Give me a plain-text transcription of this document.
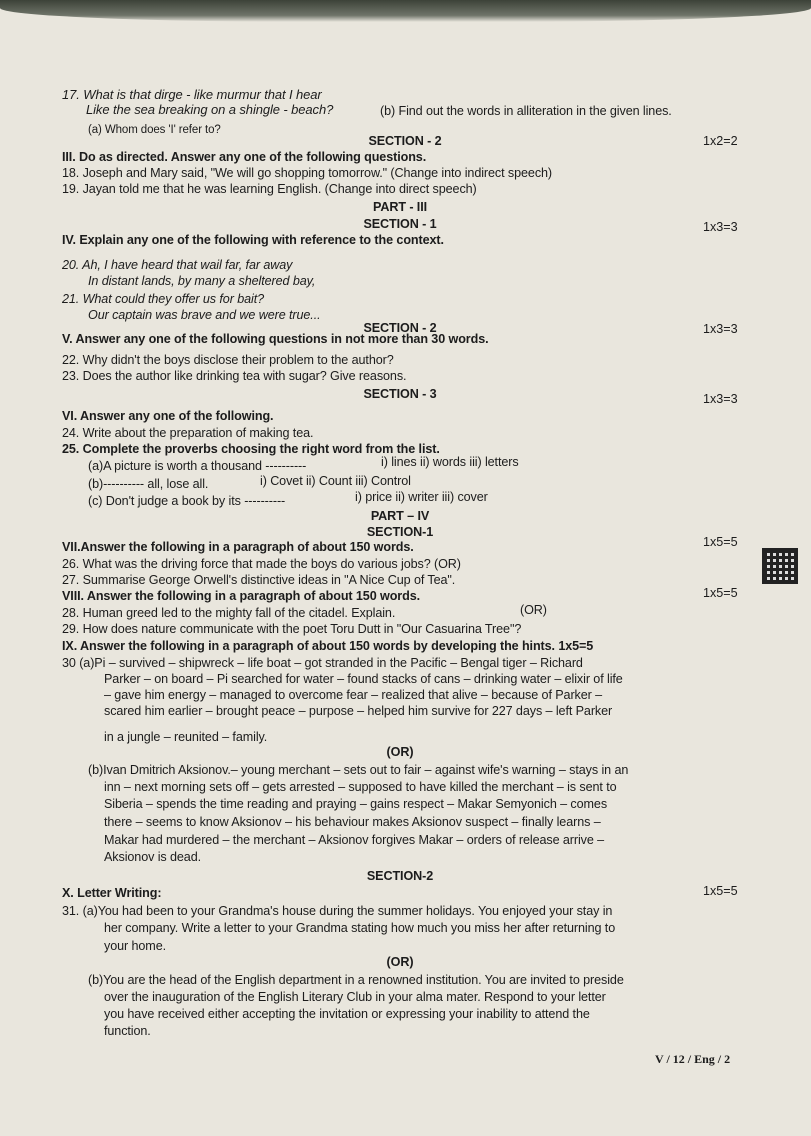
17. What is that dirge - like murmur that I hear
Like the sea breaking on a shingle - beach?
(a) Whom does 'I' refer to?
(b) Find out the words in alliteration in the given lines.
SECTION - 2	1x2=2
III. Do as directed. Answer any one of the following questions.
18. Joseph and Mary said, "We will go shopping tomorrow." (Change into indirect speech)
19. Jayan told me that he was learning English. (Change into direct speech)
PART - III
SECTION - 1	1x3=3
IV. Explain any one of the following with reference to the context.
20. Ah, I have heard that wail far, far away
In distant lands, by many a sheltered bay,
21. What could they offer us for bait?
Our captain was brave and we were true...
SECTION - 2	1x3=3
V. Answer any one of the following questions in not more than 30 words.
22. Why didn't the boys disclose their problem to the author?
23. Does the author like drinking tea with sugar? Give reasons.
SECTION - 3	1x3=3
VI. Answer any one of the following.
24. Write about the preparation of making tea.
25. Complete the proverbs choosing the right word from the list.
(a)A picture is worth a thousand ----------	i) lines ii) words iii) letters
(b)---------- all, lose all.	i) Covet ii) Count iii) Control
(c) Don't judge a book by its ----------	i) price ii) writer iii) cover
PART – IV
SECTION-1
VII.Answer the following in a paragraph of about 150 words.	1x5=5
26. What was the driving force that made the boys do various jobs? (OR)
27. Summarise George Orwell's distinctive ideas in "A Nice Cup of Tea".
VIII. Answer the following in a paragraph of about 150 words.	1x5=5
28. Human greed led to the mighty fall of the citadel. Explain.	(OR)
29. How does nature communicate with the poet Toru Dutt in "Our Casuarina Tree"?
IX. Answer the following in a paragraph of about 150 words by developing the hints. 1x5=5
30 (a)Pi – survived – shipwreck – life boat – got stranded in the Pacific – Bengal tiger – Richard
Parker – on board – Pi searched for water – found stacks of cans – drinking water – elixir of life
– gave him energy – managed to overcome fear – realized that alive – because of Parker –
scared him earlier – brought peace – purpose – helped him survive for 227 days – left Parker
in a jungle – reunited – family.
(OR)
(b)Ivan Dmitrich Aksionov.– young merchant – sets out to fair – against wife's warning – stays in an
inn – next morning sets off – gets arrested – supposed to have killed the merchant – is sent to
Siberia – spends the time reading and praying – gains respect – Makar Semyonich – comes
there – seems to know Aksionov – his behaviour makes Aksionov suspect – finally learns –
Makar had murdered – the merchant – Aksionov forgives Makar – orders of release arrive –
Aksionov is dead.
SECTION-2
X. Letter Writing:	1x5=5
31. (a)You had been to your Grandma's house during the summer holidays. You enjoyed your stay in
her company. Write a letter to your Grandma stating how much you miss her after returning to
your home.
(OR)
(b)You are the head of the English department in a renowned institution. You are invited to preside
over the inauguration of the English Literary Club in your alma mater. Respond to your letter
you have received either accepting the invitation or expressing your inability to attend the
function.
V / 12 / Eng / 2
